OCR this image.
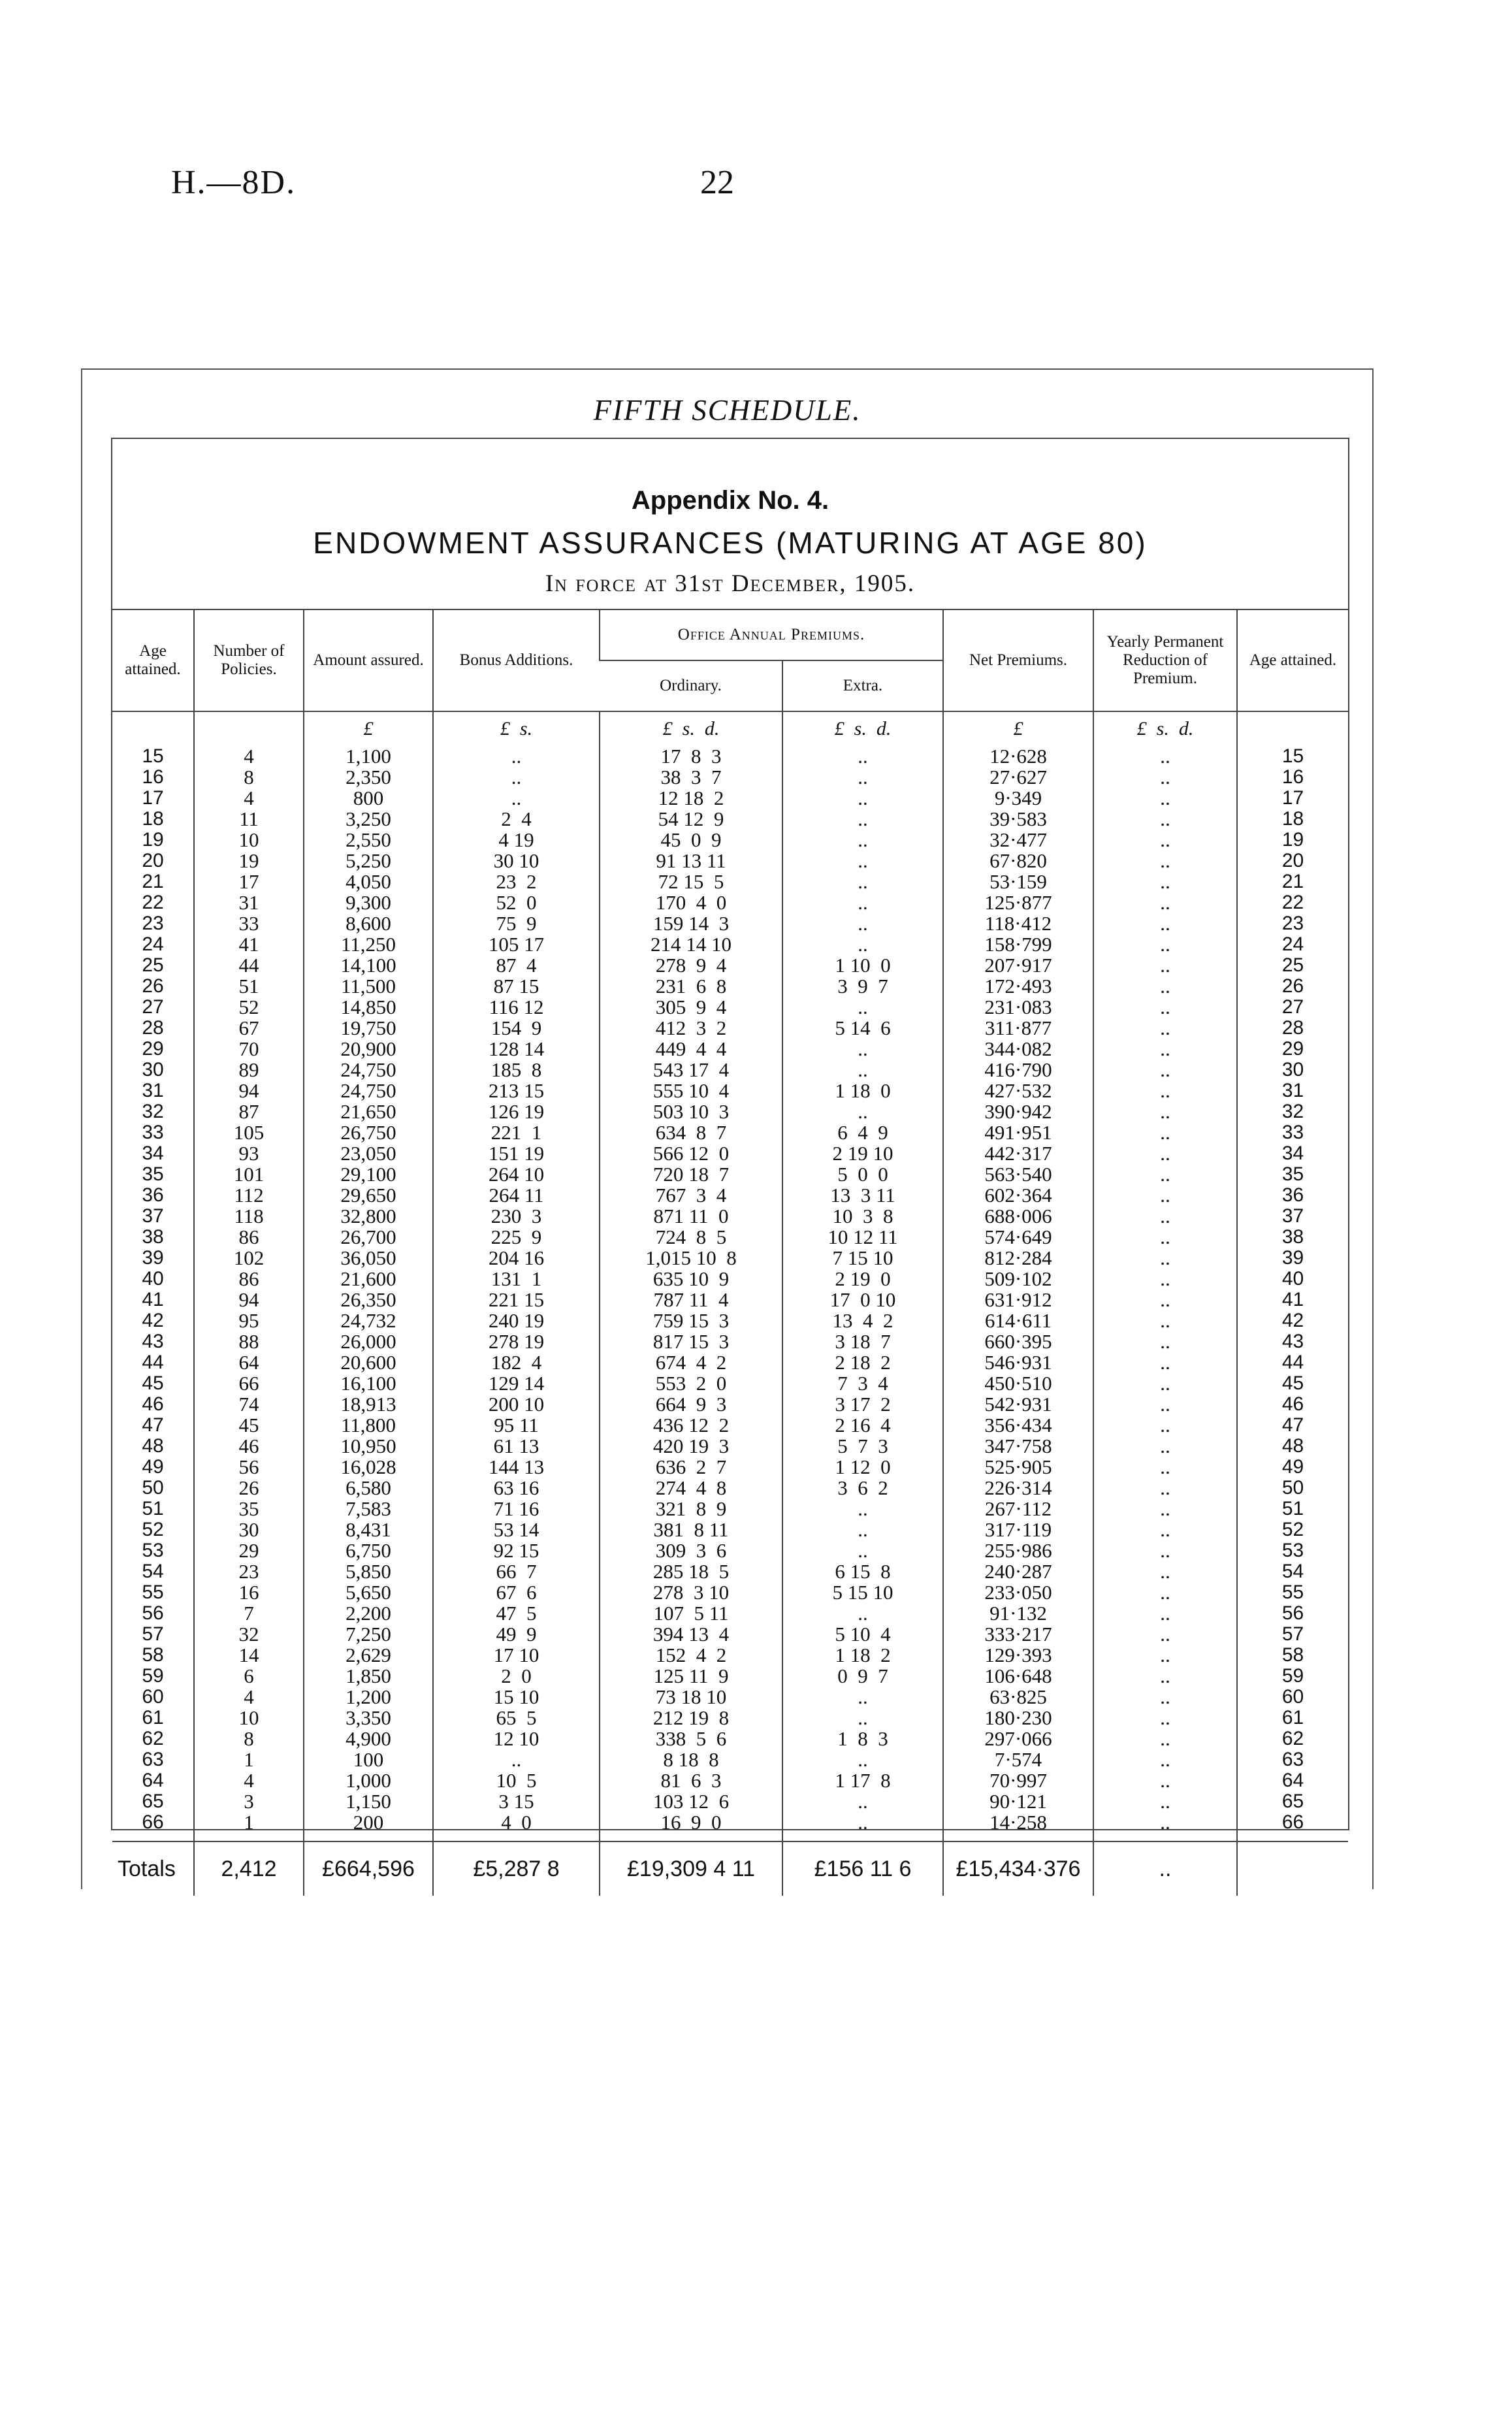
H.—8D.	22
FIFTH SCHEDULE.
Appendix No. 4.
ENDOWMENT ASSURANCES (MATURING AT AGE 80)
In force at 31st December, 1905.
Age attained.	Number of Policies.	Amount assured.	Bonus Additions.	Office Annual Premiums.		Net Premiums.	Yearly Permanent Reduction of Premium.	Age attained.
				Ordinary.	Extra.			
		£	£  s.	£  s.  d.	£  s.  d.	£	£  s.  d.	
15	4	1,100	..	17  8  3	..	12·628	..	15
16	8	2,350	..	38  3  7	..	27·627	..	16
17	4	800	..	12 18  2	..	9·349	..	17
18	11	3,250	2  4	54 12  9	..	39·583	..	18
19	10	2,550	4 19	45  0  9	..	32·477	..	19
20	19	5,250	30 10	91 13 11	..	67·820	..	20
21	17	4,050	23  2	72 15  5	..	53·159	..	21
22	31	9,300	52  0	170  4  0	..	125·877	..	22
23	33	8,600	75  9	159 14  3	..	118·412	..	23
24	41	11,250	105 17	214 14 10	..	158·799	..	24
25	44	14,100	87  4	278  9  4	1 10  0	207·917	..	25
26	51	11,500	87 15	231  6  8	3  9  7	172·493	..	26
27	52	14,850	116 12	305  9  4	..	231·083	..	27
28	67	19,750	154  9	412  3  2	5 14  6	311·877	..	28
29	70	20,900	128 14	449  4  4	..	344·082	..	29
30	89	24,750	185  8	543 17  4	..	416·790	..	30
31	94	24,750	213 15	555 10  4	1 18  0	427·532	..	31
32	87	21,650	126 19	503 10  3	..	390·942	..	32
33	105	26,750	221  1	634  8  7	6  4  9	491·951	..	33
34	93	23,050	151 19	566 12  0	2 19 10	442·317	..	34
35	101	29,100	264 10	720 18  7	5  0  0	563·540	..	35
36	112	29,650	264 11	767  3  4	13  3 11	602·364	..	36
37	118	32,800	230  3	871 11  0	10  3  8	688·006	..	37
38	86	26,700	225  9	724  8  5	10 12 11	574·649	..	38
39	102	36,050	204 16	1,015 10  8	7 15 10	812·284	..	39
40	86	21,600	131  1	635 10  9	2 19  0	509·102	..	40
41	94	26,350	221 15	787 11  4	17  0 10	631·912	..	41
42	95	24,732	240 19	759 15  3	13  4  2	614·611	..	42
43	88	26,000	278 19	817 15  3	3 18  7	660·395	..	43
44	64	20,600	182  4	674  4  2	2 18  2	546·931	..	44
45	66	16,100	129 14	553  2  0	7  3  4	450·510	..	45
46	74	18,913	200 10	664  9  3	3 17  2	542·931	..	46
47	45	11,800	95 11	436 12  2	2 16  4	356·434	..	47
48	46	10,950	61 13	420 19  3	5  7  3	347·758	..	48
49	56	16,028	144 13	636  2  7	1 12  0	525·905	..	49
50	26	6,580	63 16	274  4  8	3  6  2	226·314	..	50
51	35	7,583	71 16	321  8  9	..	267·112	..	51
52	30	8,431	53 14	381  8 11	..	317·119	..	52
53	29	6,750	92 15	309  3  6	..	255·986	..	53
54	23	5,850	66  7	285 18  5	6 15  8	240·287	..	54
55	16	5,650	67  6	278  3 10	5 15 10	233·050	..	55
56	7	2,200	47  5	107  5 11	..	91·132	..	56
57	32	7,250	49  9	394 13  4	5 10  4	333·217	..	57
58	14	2,629	17 10	152  4  2	1 18  2	129·393	..	58
59	6	1,850	2  0	125 11  9	0  9  7	106·648	..	59
60	4	1,200	15 10	73 18 10	..	63·825	..	60
61	10	3,350	65  5	212 19  8	..	180·230	..	61
62	8	4,900	12 10	338  5  6	1  8  3	297·066	..	62
63	1	100	..	8 18  8	..	7·574	..	63
64	4	1,000	10  5	81  6  3	1 17  8	70·997	..	64
65	3	1,150	3 15	103 12  6	..	90·121	..	65
66	1	200	4  0	16  9  0	..	14·258	..	66

Totals	2,412	£664,596	£5,287 8	£19,309 4 11	£156 11 6	£15,434·376	..	
